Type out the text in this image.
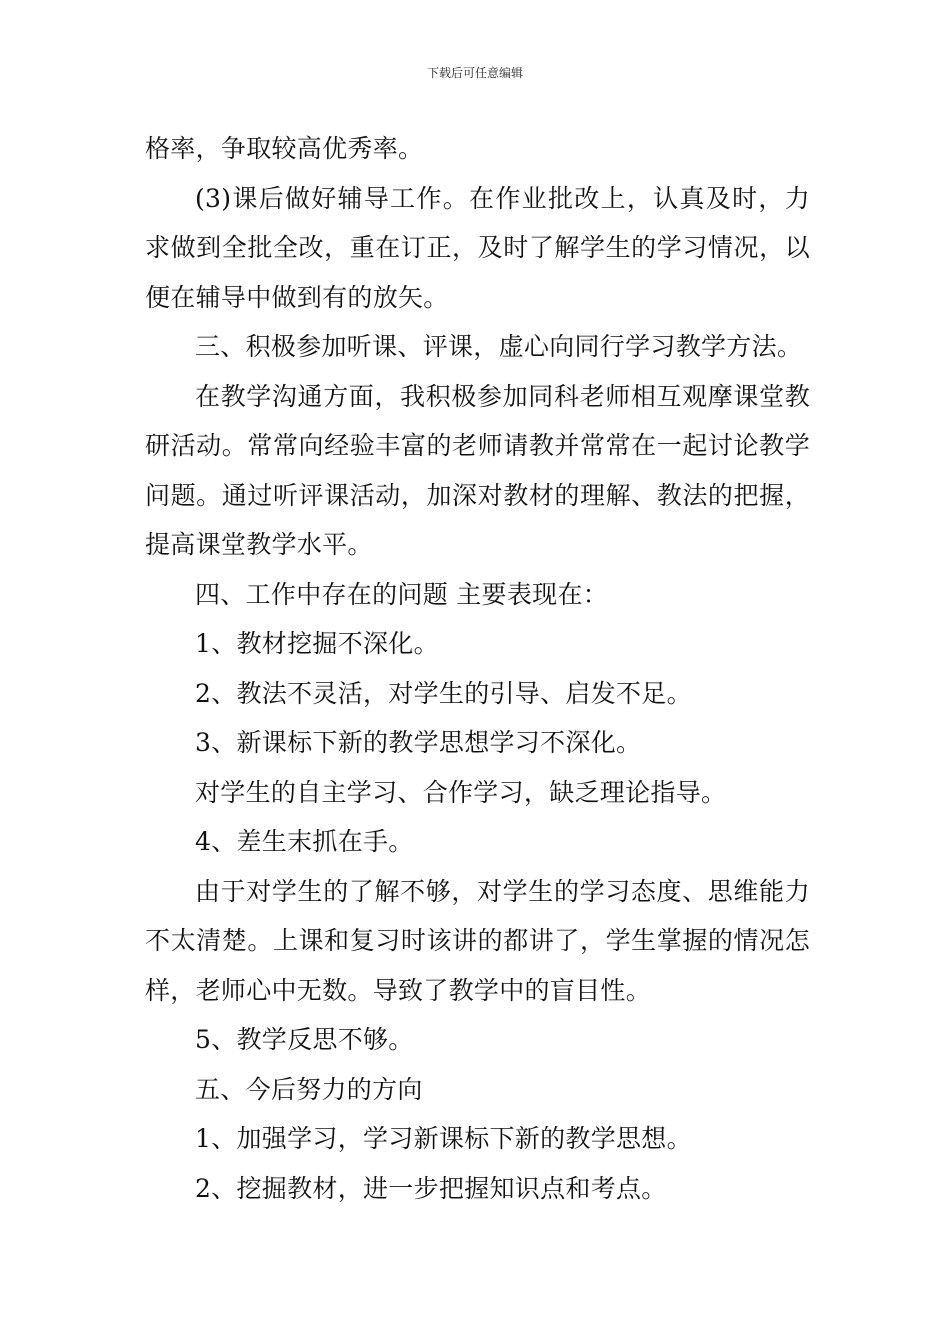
下载后可任意编辑

格率，争取较高优秀率。

(3)课后做好辅导工作。在作业批改上，认真及时，力求做到全批全改，重在订正，及时了解学生的学习情况，以便在辅导中做到有的放矢。

三、积极参加听课、评课，虚心向同行学习教学方法。

在教学沟通方面，我积极参加同科老师相互观摩课堂教研活动。常常向经验丰富的老师请教并常常在一起讨论教学问题。通过听评课活动，加深对教材的理解、教法的把握，提高课堂教学水平。

四、工作中存在的问题 主要表现在：

1、教材挖掘不深化。

2、教法不灵活，对学生的引导、启发不足。

3、新课标下新的教学思想学习不深化。

对学生的自主学习、合作学习，缺乏理论指导。

4、差生末抓在手。

由于对学生的了解不够，对学生的学习态度、思维能力不太清楚。上课和复习时该讲的都讲了，学生掌握的情况怎样，老师心中无数。导致了教学中的盲目性。

5、教学反思不够。

五、今后努力的方向

1、加强学习，学习新课标下新的教学思想。

2、挖掘教材，进一步把握知识点和考点。
